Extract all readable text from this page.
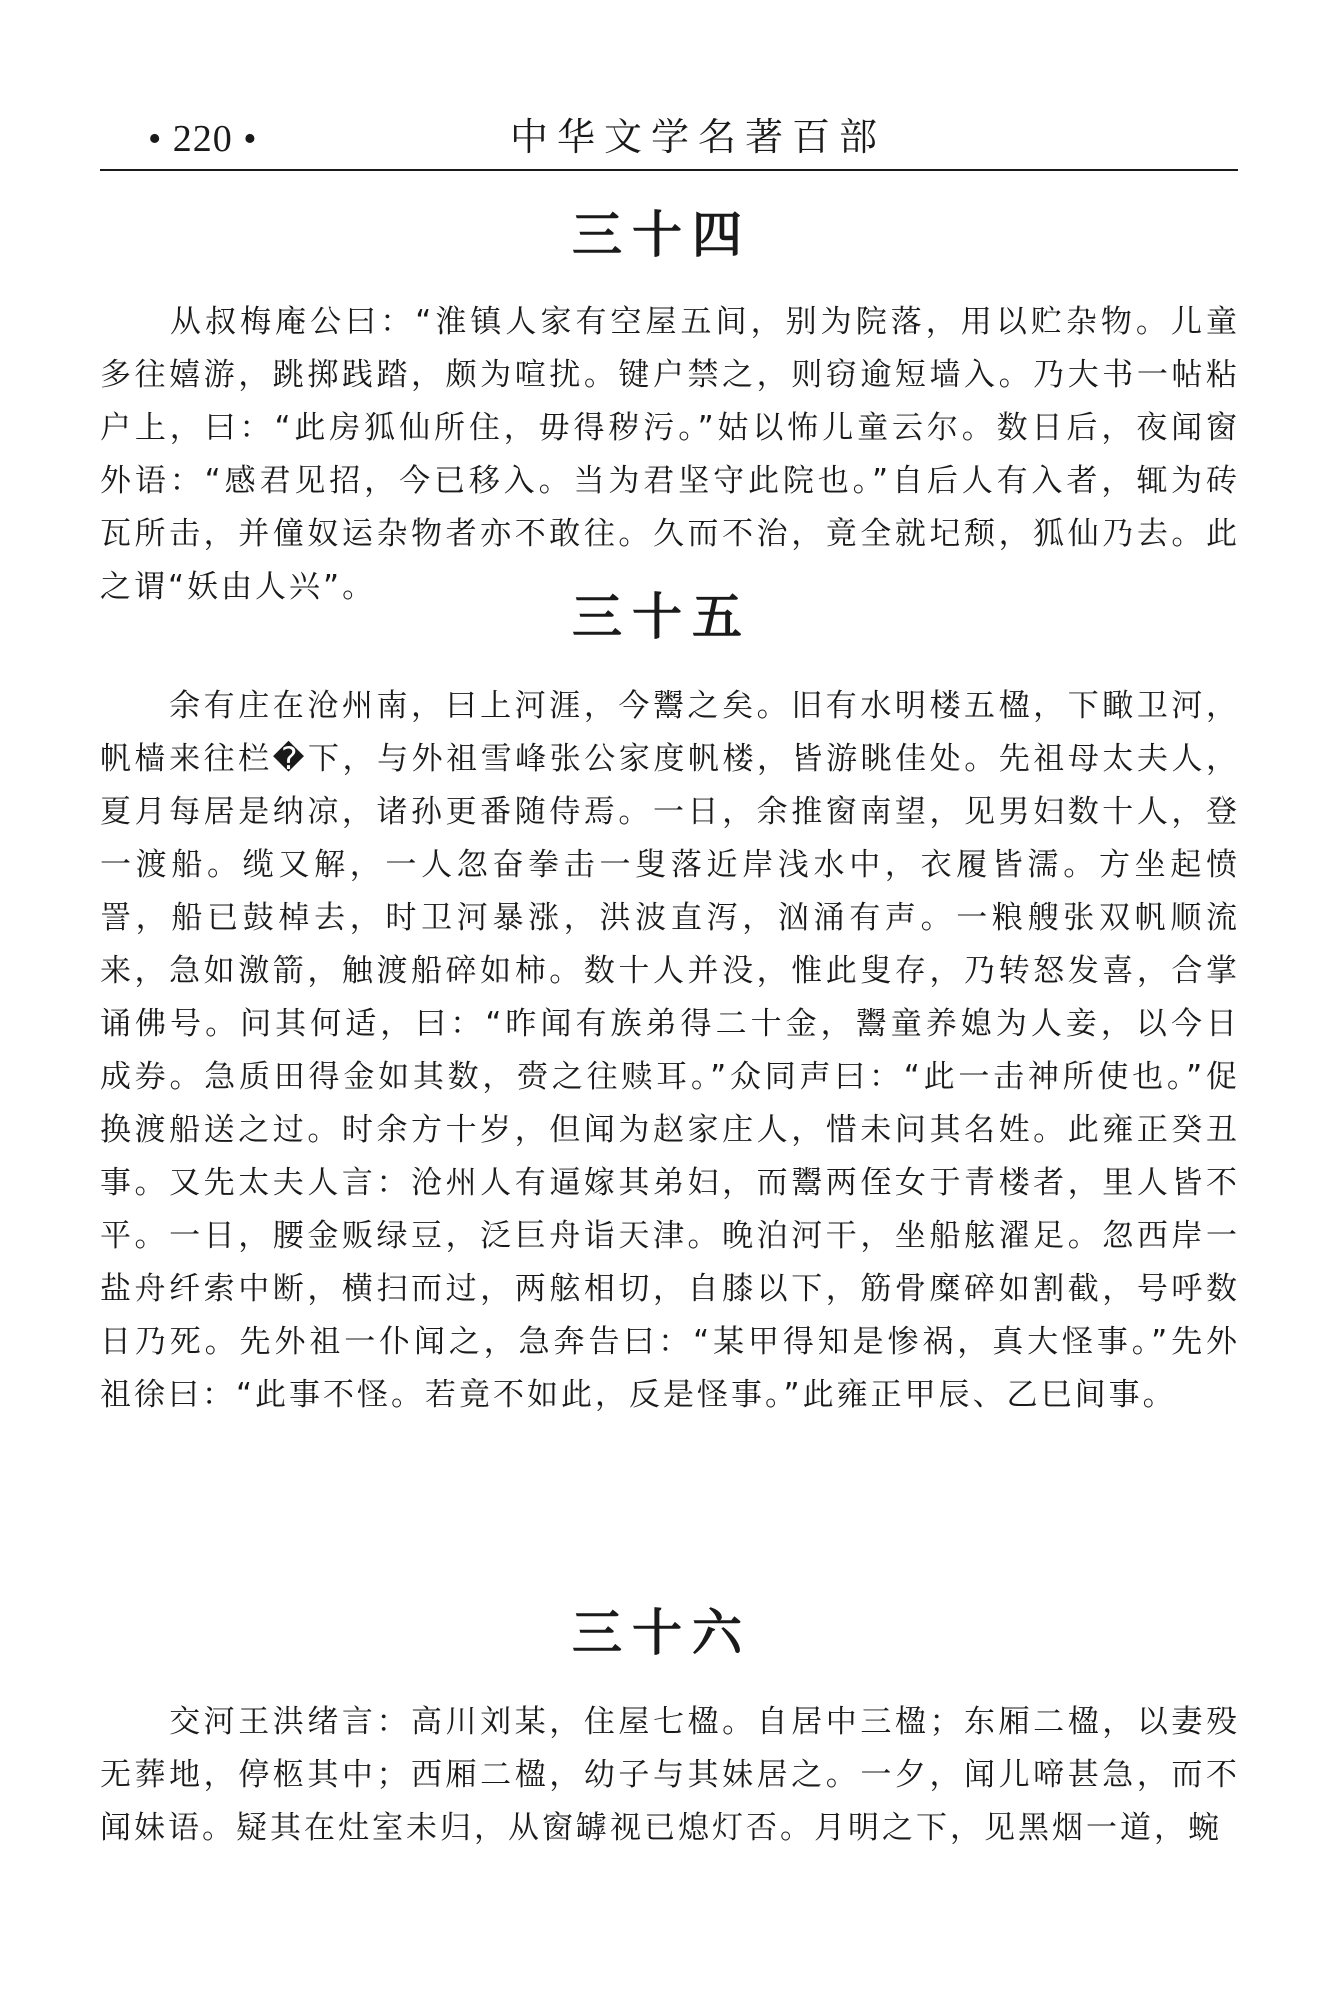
• 220 •	中华文学名著百部
三十四

　　从叔梅庵公曰：“淮镇人家有空屋五间，别为院落，用以贮杂物。儿童多往嬉游，跳掷践踏，颇为喧扰。键户禁之，则窃逾短墙入。乃大书一帖粘户上，曰：“此房狐仙所住，毋得秽污。”姑以怖儿童云尔。数日后，夜闻窗外语：“感君见招，今已移入。当为君坚守此院也。”自后人有入者，辄为砖瓦所击，并僮奴运杂物者亦不敢往。久而不治，竟全就圮颓，狐仙乃去。此之谓“妖由人兴”。

三十五

　　余有庄在沧州南，曰上河涯，今鬻之矣。旧有水明楼五楹，下瞰卫河，帆樯来往栏�下，与外祖雪峰张公家度帆楼，皆游眺佳处。先祖母太夫人，夏月每居是纳凉，诸孙更番随侍焉。一日，余推窗南望，见男妇数十人，登一渡船。缆又解，一人忽奋拳击一叟落近岸浅水中，衣履皆濡。方坐起愤詈，船已鼓棹去，时卫河暴涨，洪波直泻，汹涌有声。一粮艘张双帆顺流来，急如激箭，触渡船碎如柿。数十人并没，惟此叟存，乃转怒发喜，合掌诵佛号。问其何适，曰：“昨闻有族弟得二十金，鬻童养媳为人妾，以今日成券。急质田得金如其数，赍之往赎耳。”众同声曰：“此一击神所使也。”促换渡船送之过。时余方十岁，但闻为赵家庄人，惜未问其名姓。此雍正癸丑事。又先太夫人言：沧州人有逼嫁其弟妇，而鬻两侄女于青楼者，里人皆不平。一日，腰金贩绿豆，泛巨舟诣天津。晚泊河干，坐船舷濯足。忽西岸一盐舟纤索中断，横扫而过，两舷相切，自膝以下，筋骨糜碎如割截，号呼数日乃死。先外祖一仆闻之，急奔告曰：“某甲得知是惨祸，真大怪事。”先外祖徐曰：“此事不怪。若竟不如此，反是怪事。”此雍正甲辰、乙巳间事。

三十六

　　交河王洪绪言：高川刘某，住屋七楹。自居中三楹；东厢二楹，以妻殁无葬地，停柩其中；西厢二楹，幼子与其妹居之。一夕，闻儿啼甚急，而不闻妹语。疑其在灶室未归，从窗罅视已熄灯否。月明之下，见黑烟一道，蜿
